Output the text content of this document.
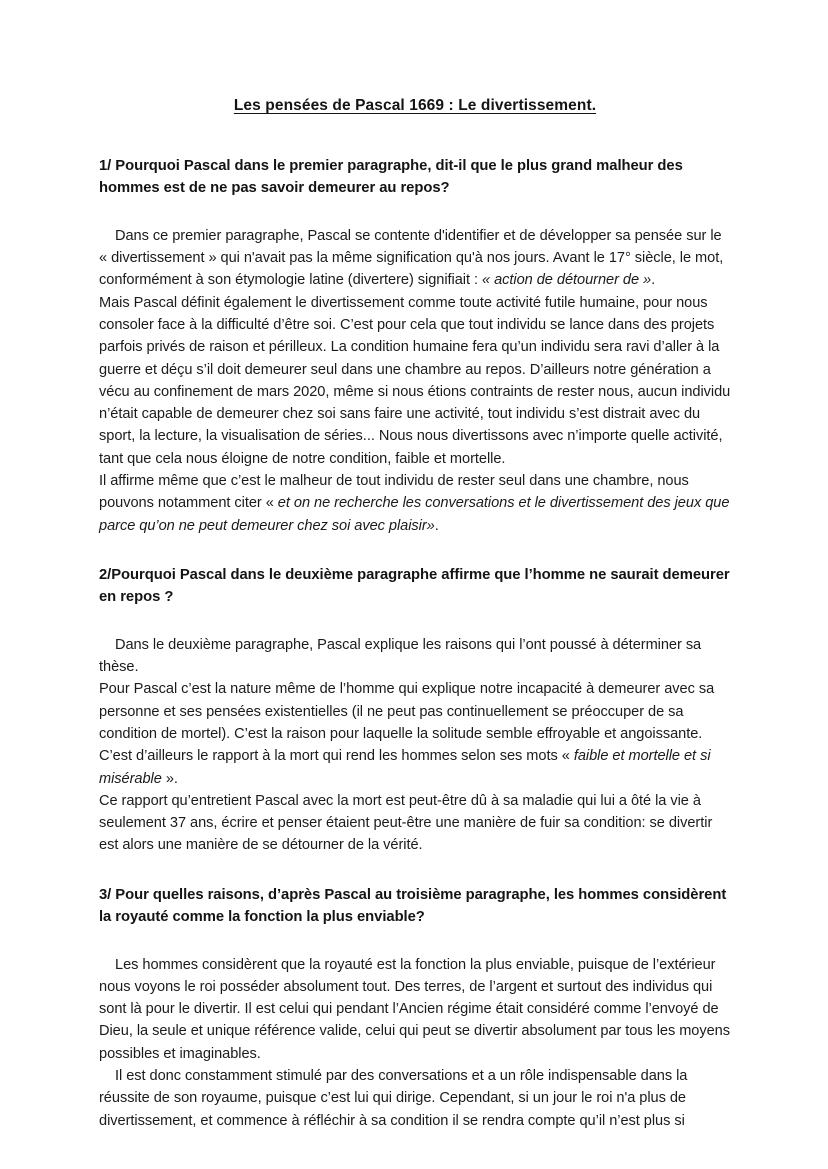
Les pensées de Pascal 1669 : Le divertissement.

1/ Pourquoi Pascal dans le premier paragraphe, dit-il que le plus grand malheur des hommes est de ne pas savoir demeurer au repos?

Dans ce premier paragraphe, Pascal se contente d'identifier et de développer sa pensée sur le « divertissement » qui n'avait pas la même signification qu'à nos jours. Avant le 17° siècle, le mot, conformément à son étymologie latine (divertere) signifiait : « action de détourner de ».

Mais Pascal définit également le divertissement comme toute activité futile humaine, pour nous consoler face à la difficulté d’être soi. C’est pour cela que tout individu se lance dans des projets parfois privés de raison et périlleux. La condition humaine fera qu’un individu sera ravi d’aller à la guerre et déçu s’il doit demeurer seul dans une chambre au repos. D’ailleurs notre génération a vécu au confinement de mars 2020, même si nous étions contraints de rester nous, aucun individu n’était capable de demeurer chez soi sans faire une activité, tout individu s’est distrait avec du sport, la lecture, la visualisation de séries... Nous nous divertissons avec n’importe quelle activité, tant que cela nous éloigne de notre condition, faible et mortelle.

Il affirme même que c’est le malheur de tout individu de rester seul dans une chambre, nous pouvons notamment citer « et on ne recherche les conversations et le divertissement des jeux que parce qu’on ne peut demeurer chez soi avec plaisir».

2/Pourquoi Pascal dans le deuxième paragraphe affirme que l’homme ne saurait demeurer en repos ?

Dans le deuxième paragraphe, Pascal explique les raisons qui l’ont poussé à déterminer sa thèse.

Pour Pascal c’est la nature même de l’homme qui explique notre incapacité à demeurer avec sa personne et ses pensées existentielles (il ne peut pas continuellement se préoccuper de sa condition de mortel). C’est la raison pour laquelle la solitude semble effroyable et angoissante. C’est d’ailleurs le rapport à la mort qui rend les hommes selon ses mots « faible et mortelle et si misérable ».

Ce rapport qu’entretient Pascal avec la mort est peut-être dû à sa maladie qui lui a ôté la vie à seulement 37 ans, écrire et penser étaient peut-être une manière de fuir sa condition: se divertir est alors une manière de se détourner de la vérité.

3/ Pour quelles raisons, d’après Pascal au troisième paragraphe, les hommes considèrent la royauté comme la fonction la plus enviable?

Les hommes considèrent que la royauté est la fonction la plus enviable, puisque de l’extérieur nous voyons le roi posséder absolument tout. Des terres, de l’argent et surtout des individus qui sont là pour le divertir. Il est celui qui pendant l’Ancien régime était considéré comme l’envoyé de Dieu, la seule et unique référence valide, celui qui peut se divertir absolument par tous les moyens possibles et imaginables.

Il est donc constamment stimulé par des conversations et a un rôle indispensable dans la réussite de son royaume, puisque c’est lui qui dirige. Cependant, si un jour le roi n'a plus de divertissement, et commence à réfléchir à sa condition il se rendra compte qu’il n’est plus si
